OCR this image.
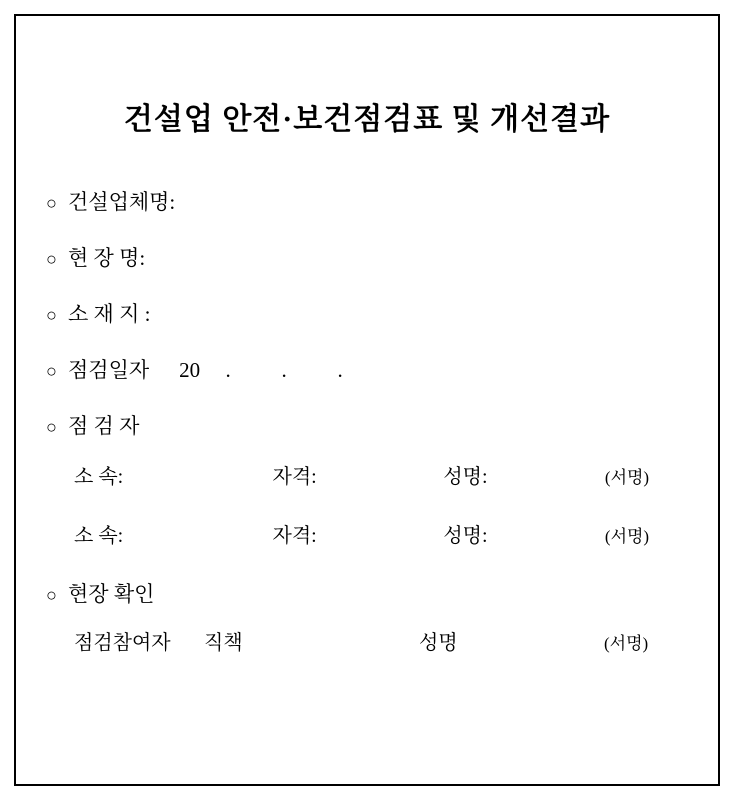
건설업 안전·보건점검표 및 개선결과
○ 건설업체명:
○ 현 장 명:
○ 소 재 지 :
○ 점검일자 20	.	.	.
○ 점 검 자
소 속:	자격:	성명:	(서명)
소 속:	자격:	성명:	(서명)
○ 현장 확인
점검참여자	직책	성명	(서명)
